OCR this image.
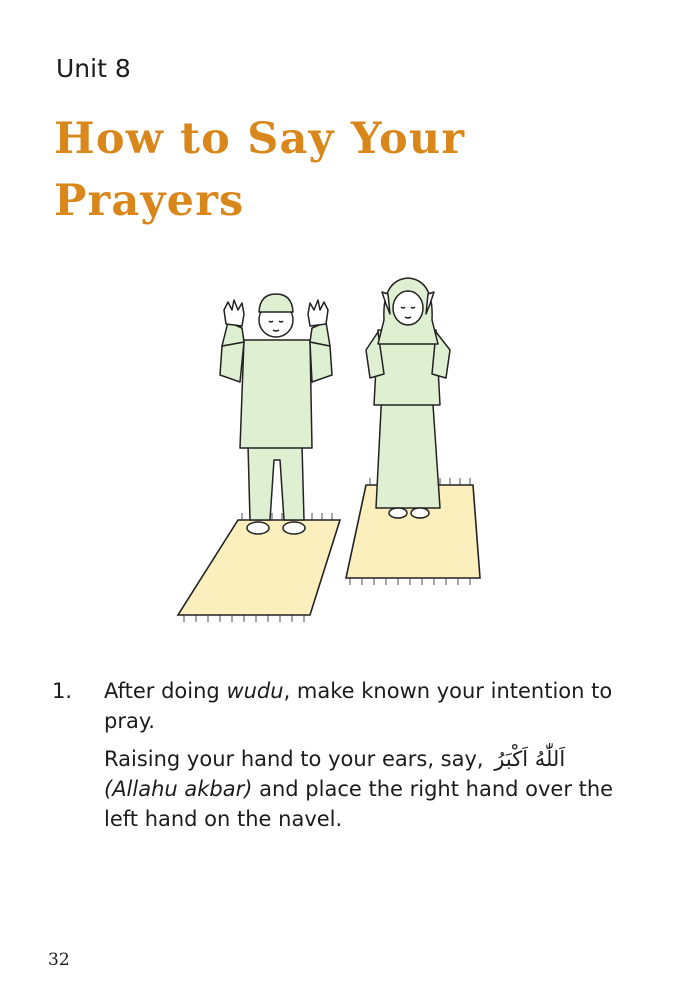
Unit 8
How to Say Your Prayers
1. After doing wudu, make known your intention to pray.

Raising your hand to your ears, say, اَللّٰهُ اَكْبَرُ
(Allahu akbar) and place the right hand over the left hand on the navel.

32
